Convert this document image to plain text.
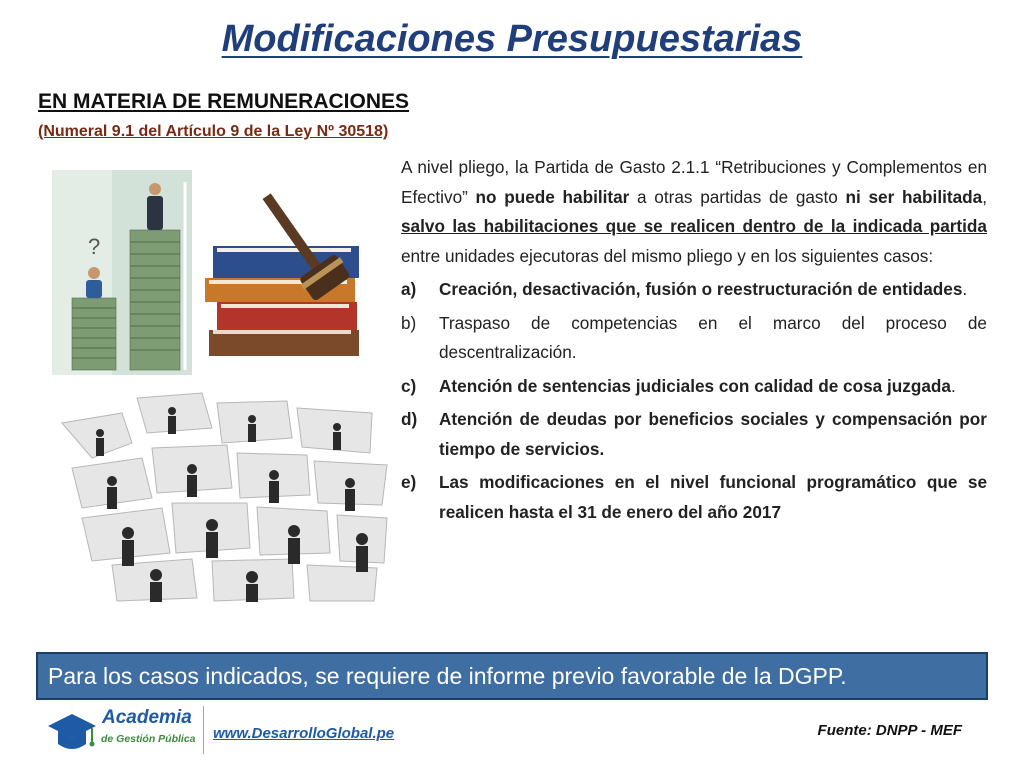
Modificaciones Presupuestarias
EN MATERIA DE REMUNERACIONES
(Numeral 9.1 del Artículo 9 de la Ley Nº 30518)
?

A nivel pliego, la Partida de Gasto 2.1.1 “Retribuciones y Complementos en Efectivo” no puede habilitar a otras partidas de gasto ni ser habilitada, salvo las habilitaciones que se realicen dentro de la indicada partida entre unidades ejecutoras del mismo pliego y en los siguientes casos:

a) Creación, desactivación, fusión o reestructuración de entidades.
b) Traspaso de competencias en el marco del proceso de descentralización.
c) Atención de sentencias judiciales con calidad de cosa juzgada.
d) Atención de deudas por beneficios sociales y compensación por tiempo de servicios.
e) Las modificaciones en el nivel funcional programático que se realicen hasta el 31 de enero del año 2017
Para los casos indicados, se requiere de informe previo favorable de la DGPP.
Academia
de Gestión Pública www.DesarrolloGlobal.pe	Fuente: DNPP - MEF
